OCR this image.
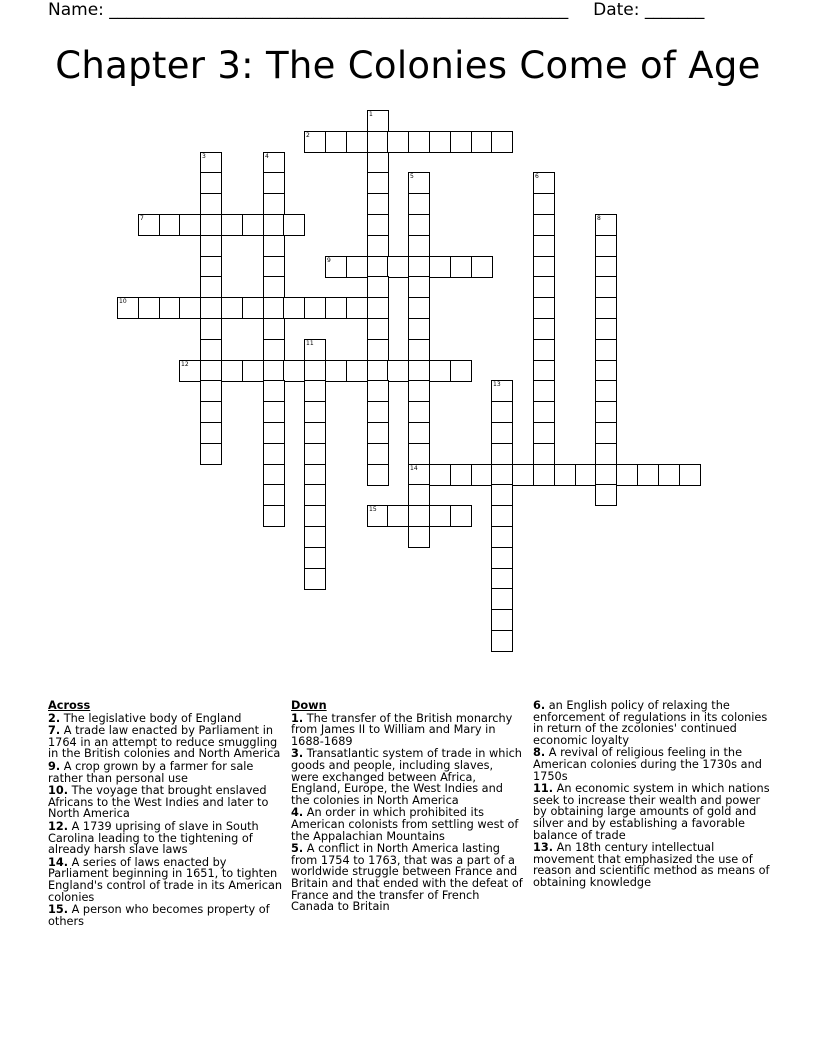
Name: ______________________________________________________ Date: _______
Chapter 3: The Colonies Come of Age
2
7
9
10
12
14
15
1
3	4
5	6
8
11
13
Across
2. The legislative body of England
7. A trade law enacted by Parliament in 1764 in an attempt to reduce smuggling in the British colonies and North America
9. A crop grown by a farmer for sale rather than personal use
10. The voyage that brought enslaved Africans to the West Indies and later to North America
12. A 1739 uprising of slave in South Carolina leading to the tightening of already harsh slave laws
14. A series of laws enacted by Parliament beginning in 1651, to tighten England's control of trade in its American colonies
15. A person who becomes property of others
Down
1. The transfer of the British monarchy from James II to William and Mary in 1688-1689
3. Transatlantic system of trade in which goods and people, including slaves, were exchanged between Africa, England, Europe, the West Indies and the colonies in North America
4. An order in which prohibited its American colonists from settling west of the Appalachian Mountains
5. A conflict in North America lasting from 1754 to 1763, that was a part of a worldwide struggle between France and Britain and that ended with the defeat of France and the transfer of French Canada to Britain
6. an English policy of relaxing the enforcement of regulations in its colonies in return of the zcolonies' continued economic loyalty
8. A revival of religious feeling in the American colonies during the 1730s and 1750s
11. An economic system in which nations seek to increase their wealth and power by obtaining large amounts of gold and silver and by establishing a favorable balance of trade
13. An 18th century intellectual movement that emphasized the use of reason and scientific method as means of obtaining knowledge
